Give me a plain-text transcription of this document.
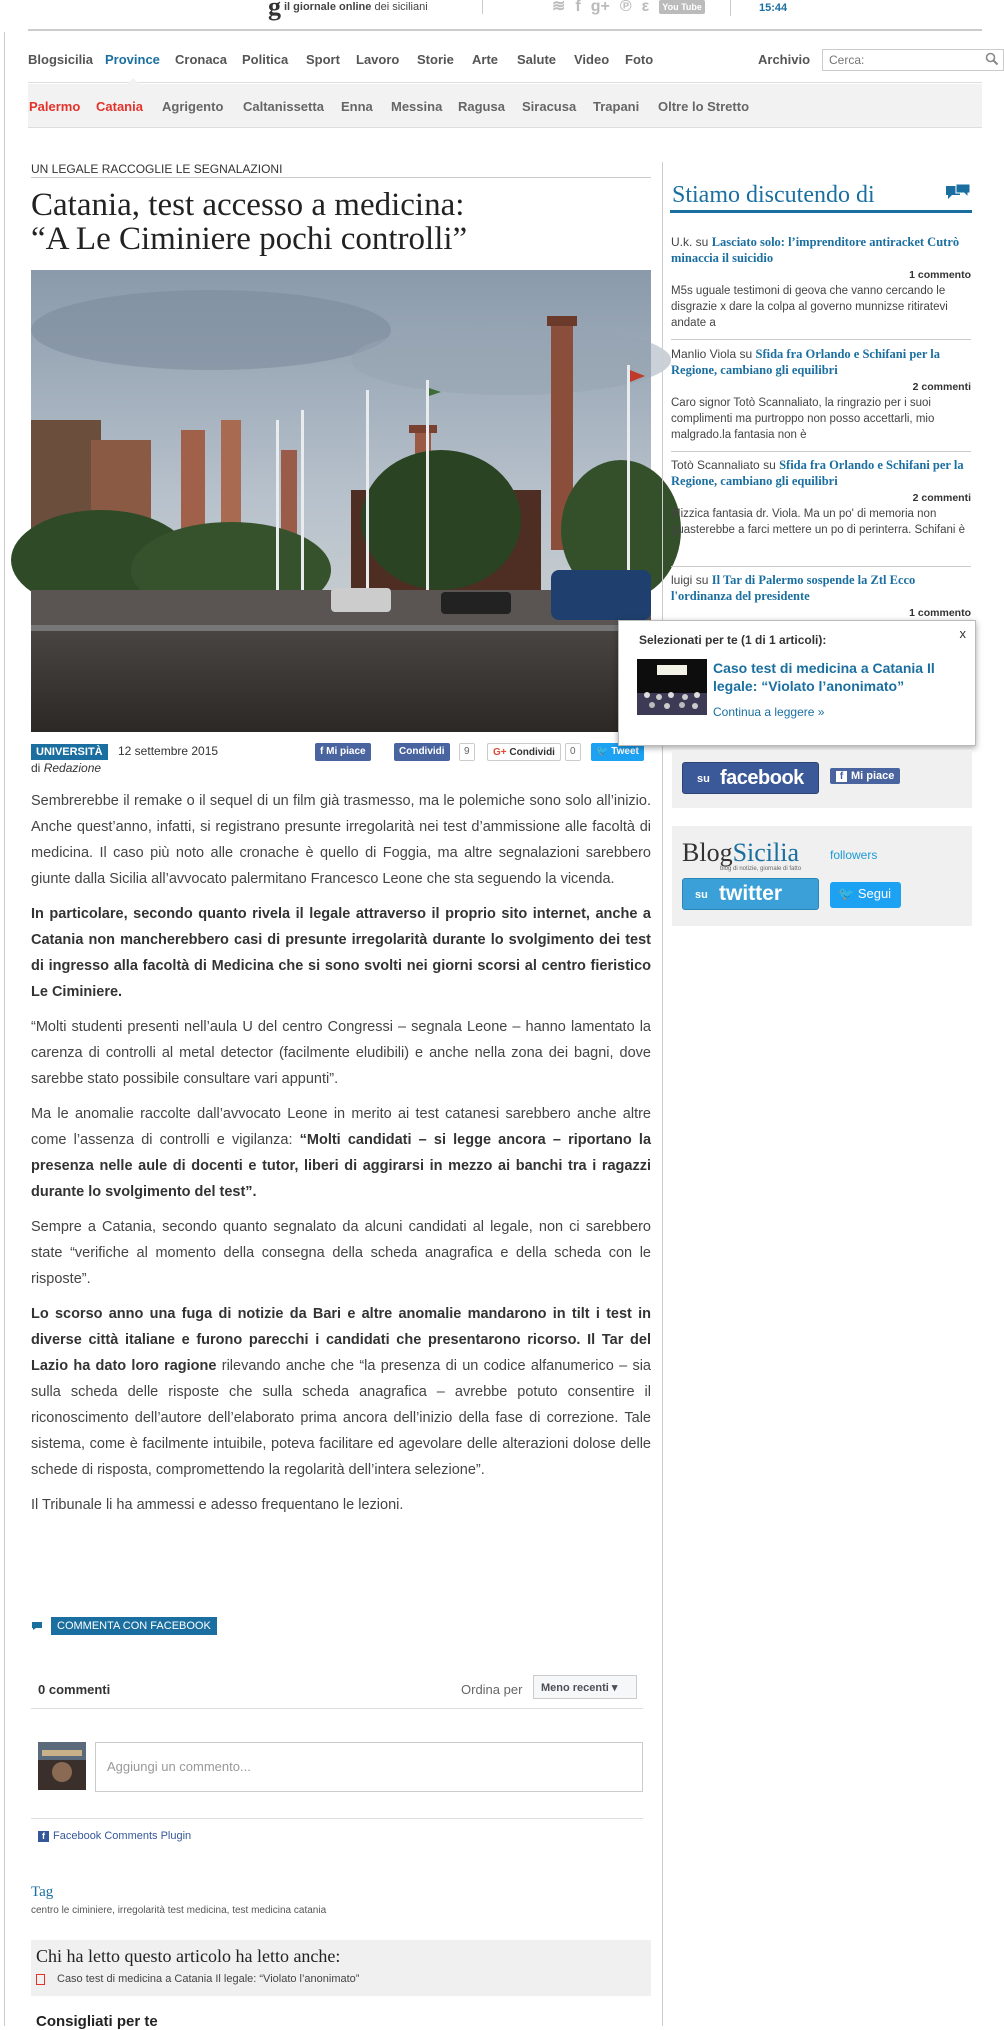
g il giornale online dei siciliani	≋ f g+ ℗ ε	You Tube	15:44
Blogsicilia Province Cronaca Politica Sport Lavoro Storie Arte Salute Video Foto	Archivio
Cerca:
Palermo Catania Agrigento Caltanissetta Enna Messina Ragusa Siracusa Trapani Oltre lo Stretto
UN LEGALE RACCOGLIE LE SEGNALAZIONI
Catania, test accesso a medicina:
“A Le Ciminiere pochi controlli”
UNIVERSITÀ	12 settembre 2015
di Redazione
f Mi piace	Condividi	9	G+ Condividi	0	🐦 Tweet

Sembrerebbe il remake o il sequel di un film già trasmesso, ma le polemiche sono solo all’inizio. Anche quest’anno, infatti, si registrano presunte irregolarità nei test d’ammissione alle facoltà di medicina. Il caso più noto alle cronache è quello di Foggia, ma altre segnalazioni sarebbero giunte dalla Sicilia all’avvocato palermitano Francesco Leone che sta seguendo la vicenda.

In particolare, secondo quanto rivela il legale attraverso il proprio sito internet, anche a Catania non mancherebbero casi di presunte irregolarità durante lo svolgimento dei test di ingresso alla facoltà di Medicina che si sono svolti nei giorni scorsi al centro fieristico Le Ciminiere.

“Molti studenti presenti nell’aula U del centro Congressi – segnala Leone – hanno lamentato la carenza di controlli al metal detector (facilmente eludibili) e anche nella zona dei bagni, dove sarebbe stato possibile consultare vari appunti”.

Ma le anomalie raccolte dall’avvocato Leone in merito ai test catanesi sarebbero anche altre come l’assenza di controlli e vigilanza: “Molti candidati – si legge ancora – riportano la presenza nelle aule di docenti e tutor, liberi di aggirarsi in mezzo ai banchi tra i ragazzi durante lo svolgimento del test”.

Sempre a Catania, secondo quanto segnalato da alcuni candidati al legale, non ci sarebbero state “verifiche al momento della consegna della scheda anagrafica e della scheda con le risposte”.

Lo scorso anno una fuga di notizie da Bari e altre anomalie mandarono in tilt i test in diverse città italiane e furono parecchi i candidati che presentarono ricorso. Il Tar del Lazio ha dato loro ragione rilevando anche che “la presenza di un codice alfanumerico – sia sulla scheda delle risposte che sulla scheda anagrafica – avrebbe potuto consentire il riconoscimento dell’autore dell’elaborato prima ancora dell’inizio della fase di correzione. Tale sistema, come è facilmente intuibile, poteva facilitare ed agevolare delle alterazioni dolose delle schede di risposta, compromettendo la regolarità dell’intera selezione”.

Il Tribunale li ha ammessi e adesso frequentano le lezioni.

COMMENTA CON FACEBOOK
0 commenti	Ordina per	Meno recenti ▾
Aggiungi un commento...
f Facebook Comments Plugin
Tag
centro le ciminiere, irregolarità test medicina, test medicina catania
Chi ha letto questo articolo ha letto anche:
Caso test di medicina a Catania Il legale: “Violato l’anonimato”
Consigliati per te
Stiamo discutendo di
U.k. su Lasciato solo: l’imprenditore antiracket Cutrò minaccia il suicidio
1 commento
M5s uguale testimoni di geova che vanno cercando le disgrazie x dare la colpa al governo munnizse ritiratevi andate a
Manlio Viola su Sfida fra Orlando e Schifani per la Regione, cambiano gli equilibri
2 commenti
Caro signor Totò Scannaliato, la ringrazio per i suoi complimenti ma purtroppo non posso accettarli, mio malgrado.la fantasia non è
Totò Scannaliato su Sfida fra Orlando e Schifani per la Regione, cambiano gli equilibri
2 commenti
Mizzica fantasia dr. Viola. Ma un po' di memoria non guasterebbe a farci mettere un po di perinterra. Schifani è
luigi su Il Tar di Palermo sospende la Ztl Ecco l'ordinanza del presidente
1 commento
x
Selezionati per te (1 di 1 articoli):
Caso test di medicina a Catania Il legale: “Violato l’anonimato”
Continua a leggere »
su facebook	f Mi piace
BlogSicilia
blog di notizie, giornale di fatto
followers
su twitter	🐦 Segui
